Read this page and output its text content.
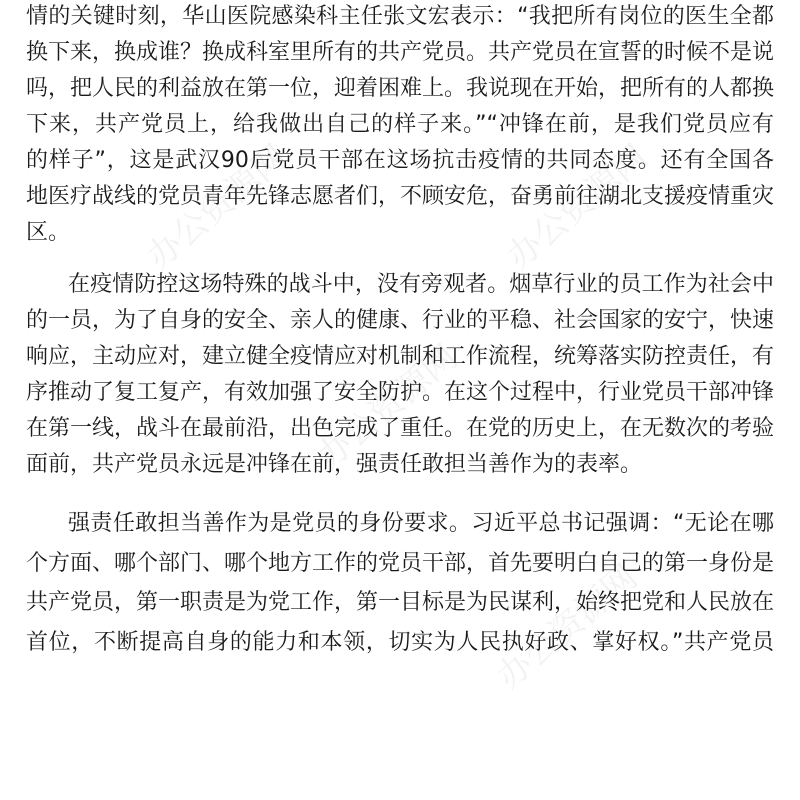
办公资源网	办公资源网
办公资源网
办公资源网
情的关键时刻，华山医院感染科主任张文宏表示：“我把所有岗位的医生全都
换下来，换成谁？换成科室里所有的共产党员。共产党员在宣誓的时候不是说
吗，把人民的利益放在第一位，迎着困难上。我说现在开始，把所有的人都换
下来，共产党员上，给我做出自己的样子来。”“冲锋在前，是我们党员应有
的样子”，这是武汉90后党员干部在这场抗击疫情的共同态度。还有全国各
地医疗战线的党员青年先锋志愿者们，不顾安危，奋勇前往湖北支援疫情重灾
区。
在疫情防控这场特殊的战斗中，没有旁观者。烟草行业的员工作为社会中
的一员，为了自身的安全、亲人的健康、行业的平稳、社会国家的安宁，快速
响应，主动应对，建立健全疫情应对机制和工作流程，统筹落实防控责任，有
序推动了复工复产，有效加强了安全防护。在这个过程中，行业党员干部冲锋
在第一线，战斗在最前沿，出色完成了重任。在党的历史上，在无数次的考验
面前，共产党员永远是冲锋在前，强责任敢担当善作为的表率。
强责任敢担当善作为是党员的身份要求。习近平总书记强调：“无论在哪
个方面、哪个部门、哪个地方工作的党员干部，首先要明白自己的第一身份是
共产党员，第一职责是为党工作，第一目标是为民谋利，始终把党和人民放在
首位，不断提高自身的能力和本领，切实为人民执好政、掌好权。”共产党员
